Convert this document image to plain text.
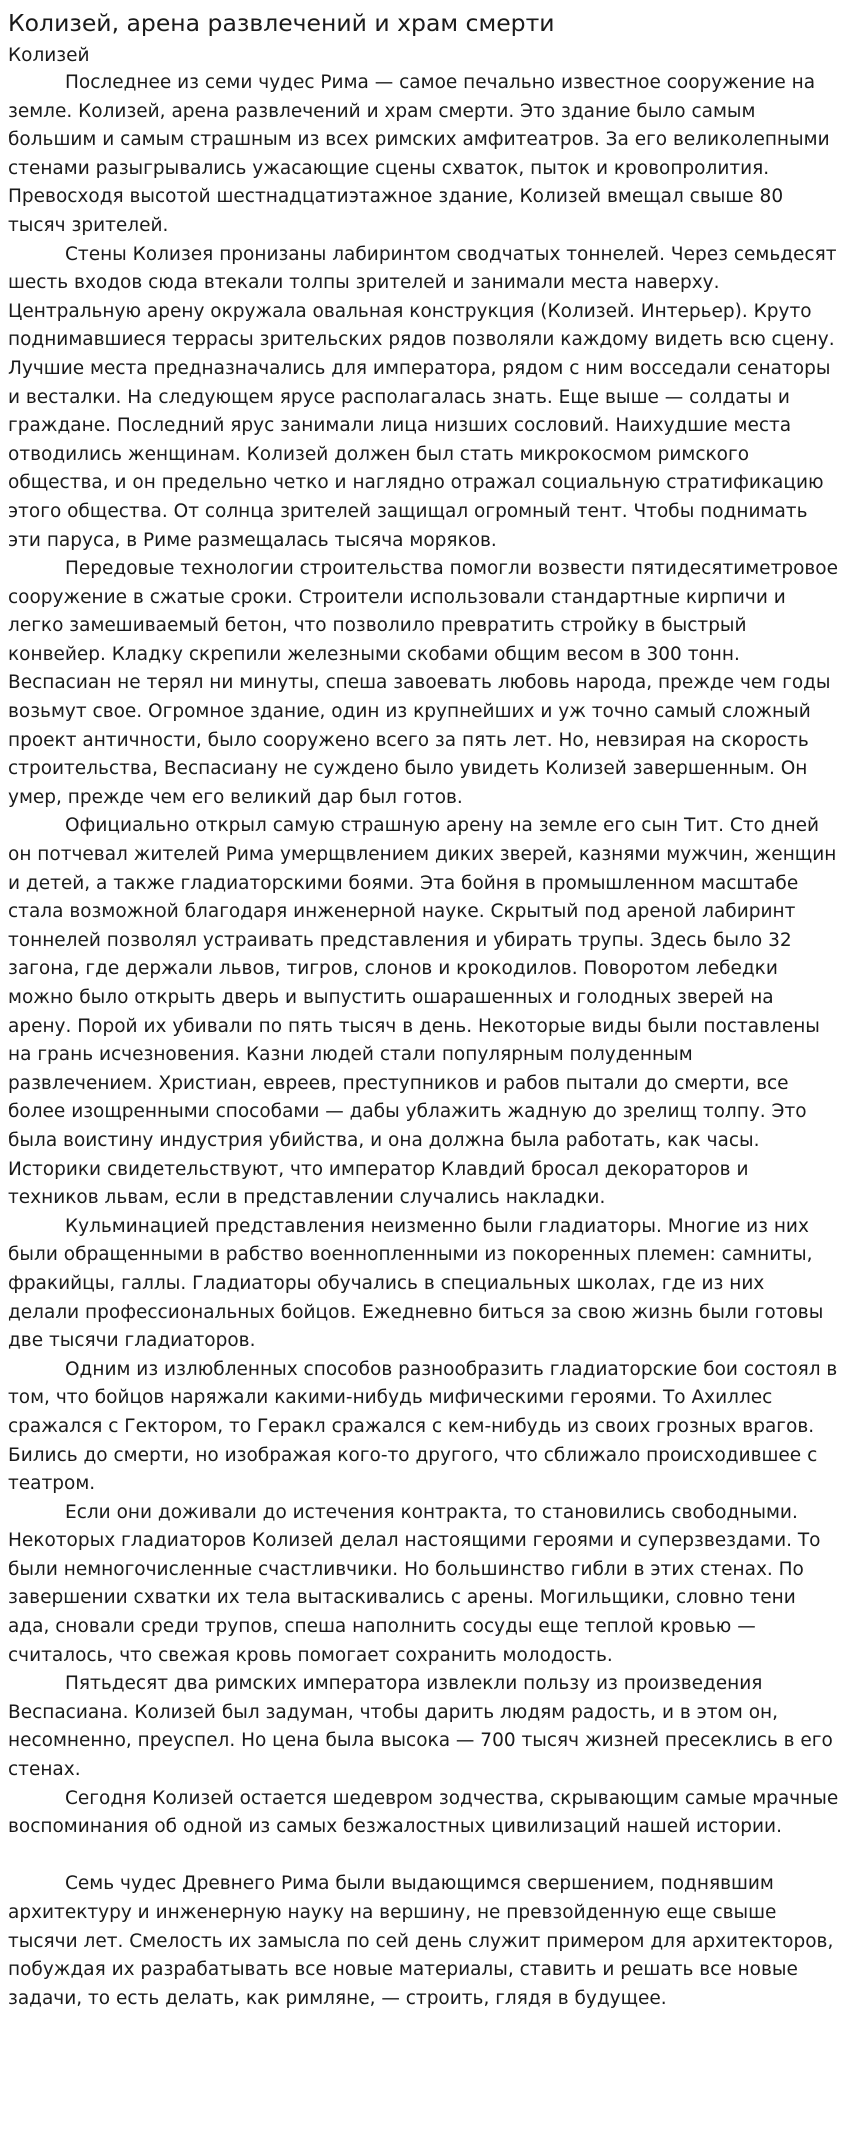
Колизей, арена развлечений и храм смерти
Колизей

Последнее из семи чудес Рима — самое печально известное сооружение на земле. Колизей, арена развлечений и храм смерти. Это здание было самым большим и самым страшным из всех римских амфитеатров. За его великолепными стенами разыгрывались ужасающие сцены схваток, пыток и кровопролития. Превосходя высотой шестнадцатиэтажное здание, Колизей вмещал свыше 80 тысяч зрителей.

Стены Колизея пронизаны лабиринтом сводчатых тоннелей. Через семьдесят шесть входов сюда втекали толпы зрителей и занимали места наверху. Центральную арену окружала овальная конструкция (Колизей. Интерьер). Круто поднимавшиеся террасы зрительских рядов позволяли каждому видеть всю сцену. Лучшие места предназначались для императора, рядом с ним восседали сенаторы и весталки. На следующем ярусе располагалась знать. Еще выше — солдаты и граждане. Последний ярус занимали лица низших сословий. Наихудшие места отводились женщинам. Колизей должен был стать микрокосмом римского общества, и он предельно четко и наглядно отражал социальную стратификацию этого общества. От солнца зрителей защищал огромный тент. Чтобы поднимать эти паруса, в Риме размещалась тысяча моряков.

Передовые технологии строительства помогли возвести пятидесятиметровое сооружение в сжатые сроки. Строители использовали стандартные кирпичи и легко замешиваемый бетон, что позволило превратить стройку в быстрый конвейер. Кладку скрепили железными скобами общим весом в 300 тонн. Веспасиан не терял ни минуты, спеша завоевать любовь народа, прежде чем годы возьмут свое. Огромное здание, один из крупнейших и уж точно самый сложный проект античности, было сооружено всего за пять лет. Но, невзирая на скорость строительства, Веспасиану не суждено было увидеть Колизей завершенным. Он умер, прежде чем его великий дар был готов.

Официально открыл самую страшную арену на земле его сын Тит. Сто дней он потчевал жителей Рима умерщвлением диких зверей, казнями мужчин, женщин и детей, а также гладиаторскими боями. Эта бойня в промышленном масштабе стала возможной благодаря инженерной науке. Скрытый под ареной лабиринт тоннелей позволял устраивать представления и убирать трупы. Здесь было 32 загона, где держали львов, тигров, слонов и крокодилов. Поворотом лебедки можно было открыть дверь и выпустить ошарашенных и голодных зверей на арену. Порой их убивали по пять тысяч в день. Некоторые виды были поставлены на грань исчезновения. Казни людей стали популярным полуденным развлечением. Христиан, евреев, преступников и рабов пытали до смерти, все более изощренными способами — дабы ублажить жадную до зрелищ толпу. Это была воистину индустрия убийства, и она должна была работать, как часы. Историки свидетельствуют, что император Клавдий бросал декораторов и техников львам, если в представлении случались накладки.

Кульминацией представления неизменно были гладиаторы. Многие из них были обращенными в рабство военнопленными из покоренных племен: самниты, фракийцы, галлы. Гладиаторы обучались в специальных школах, где из них делали профессиональных бойцов. Ежедневно биться за свою жизнь были готовы две тысячи гладиаторов.

Одним из излюбленных способов разнообразить гладиаторские бои состоял в том, что бойцов наряжали какими-нибудь мифическими героями. То Ахиллес сражался с Гектором, то Геракл сражался с кем-нибудь из своих грозных врагов. Бились до смерти, но изображая кого-то другого, что сближало происходившее с театром.

Если они доживали до истечения контракта, то становились свободными. Некоторых гладиаторов Колизей делал настоящими героями и суперзвездами. То были немногочисленные счастливчики. Но большинство гибли в этих стенах. По завершении схватки их тела вытаскивались с арены. Могильщики, словно тени ада, сновали среди трупов, спеша наполнить сосуды еще теплой кровью — считалось, что свежая кровь помогает сохранить молодость.

Пятьдесят два римских императора извлекли пользу из произведения Веспасиана. Колизей был задуман, чтобы дарить людям радость, и в этом он, несомненно, преуспел. Но цена была высока — 700 тысяч жизней пресеклись в его стенах.

Сегодня Колизей остается шедевром зодчества, скрывающим самые мрачные воспоминания об одной из самых безжалостных цивилизаций нашей истории.

Семь чудес Древнего Рима были выдающимся свершением, поднявшим архитектуру и инженерную науку на вершину, не превзойденную еще свыше тысячи лет. Смелость их замысла по сей день служит примером для архитекторов, побуждая их разрабатывать все новые материалы, ставить и решать все новые задачи, то есть делать, как римляне, — строить, глядя в будущее.
